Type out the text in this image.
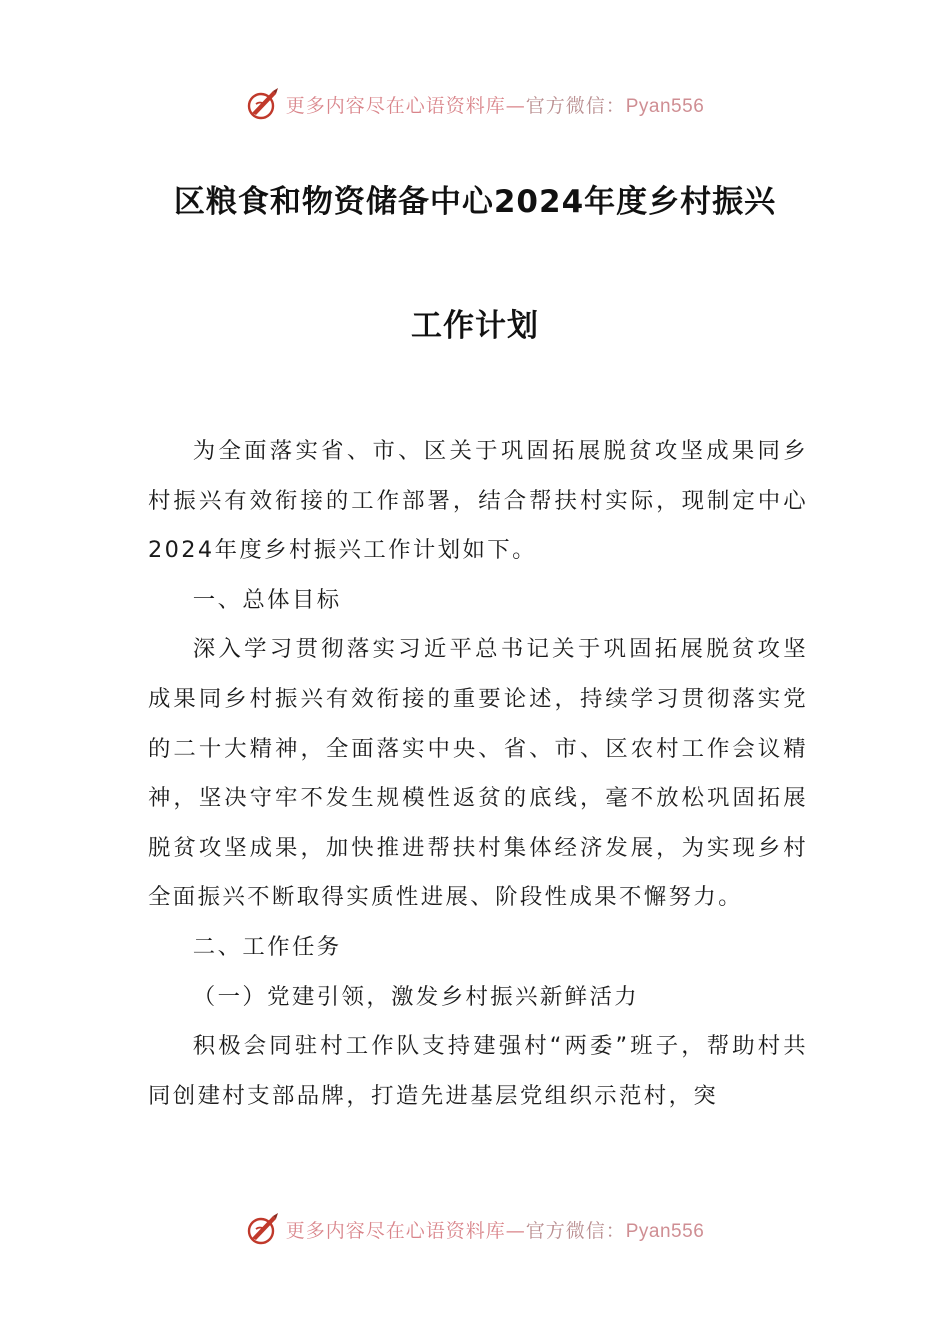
更多内容尽在心语资料库—官方微信：Pyan556
区粮食和物资储备中心2024年度乡村振兴
工作计划

为全面落实省、市、区关于巩固拓展脱贫攻坚成果同乡村振兴有效衔接的工作部署，结合帮扶村实际，现制定中心2024年度乡村振兴工作计划如下。

一、总体目标

深入学习贯彻落实习近平总书记关于巩固拓展脱贫攻坚成果同乡村振兴有效衔接的重要论述，持续学习贯彻落实党的二十大精神，全面落实中央、省、市、区农村工作会议精神，坚决守牢不发生规模性返贫的底线，毫不放松巩固拓展脱贫攻坚成果，加快推进帮扶村集体经济发展，为实现乡村全面振兴不断取得实质性进展、阶段性成果不懈努力。

二、工作任务

（一）党建引领，激发乡村振兴新鲜活力

积极会同驻村工作队支持建强村“两委”班子，帮助村共同创建村支部品牌，打造先进基层党组织示范村，突

更多内容尽在心语资料库—官方微信：Pyan556
